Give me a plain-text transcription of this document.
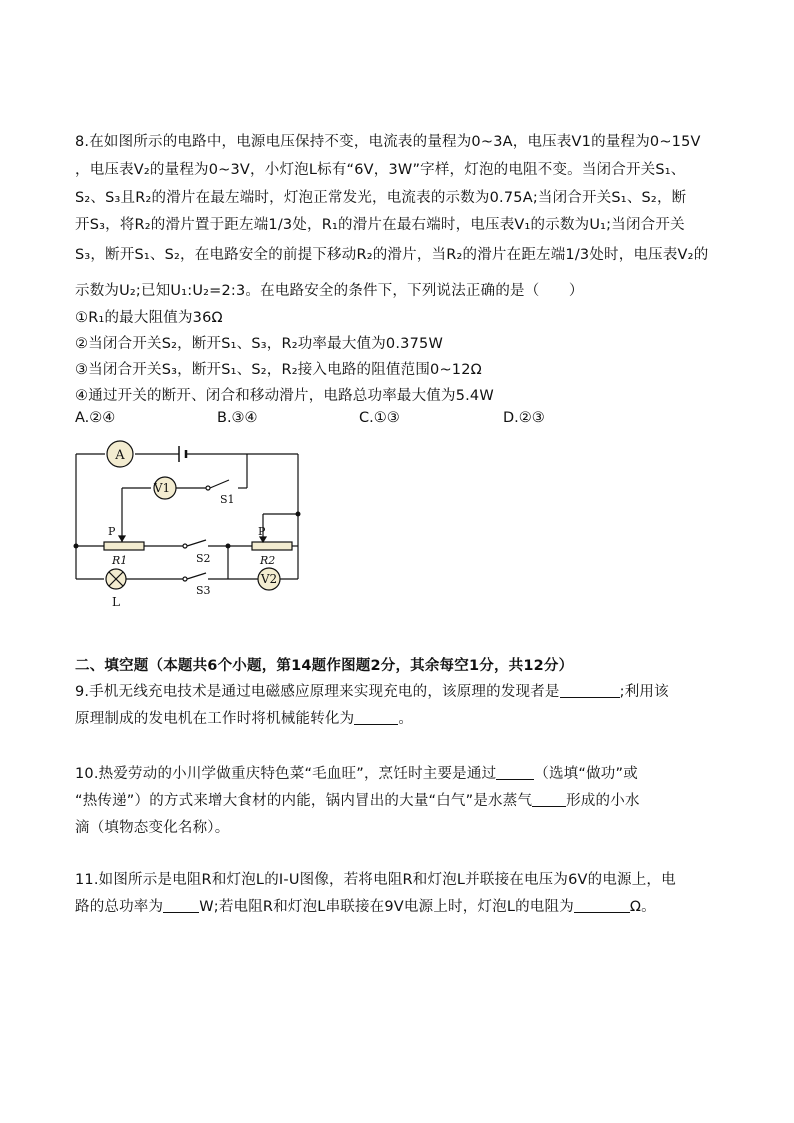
8.在如图所示的电路中，电源电压保持不变，电流表的量程为0~3A，电压表V1的量程为0~15V
，电压表V₂的量程为0~3V，小灯泡L标有“6V，3W”字样，灯泡的电阻不变。当闭合开关S₁、
S₂、S₃且R₂的滑片在最左端时，灯泡正常发光，电流表的示数为0.75A;当闭合开关S₁、S₂，断
开S₃，将R₂的滑片置于距左端1/3处，R₁的滑片在最右端时，电压表V₁的示数为U₁;当闭合开关
S₃，断开S₁、S₂，在电路安全的前提下移动R₂的滑片，当R₂的滑片在距左端1/3处时，电压表V₂的
示数为U₂;已知U₁:U₂=2:3。在电路安全的条件下，下列说法正确的是（　　）
①R₁的最大阻值为36Ω
②当闭合开关S₂，断开S₁、S₃，R₂功率最大值为0.375W
③当闭合开关S₃，断开S₁、S₂，R₂接入电路的阻值范围0~12Ω
④通过开关的断开、闭合和移动滑片，电路总功率最大值为5.4W
A.②④	B.③④	C.①③	D.②③
A
V1
S1
P	P
R1	R2
S2
V2
S3
L
二、填空题（本题共6个小题，第14题作图题2分，其余每空1分，共12分）
9.手机无线充电技术是通过电磁感应原理来实现充电的，该原理的发现者是	;利用该
原理制成的发电机在工作时将机械能转化为	。
10.热爱劳动的小川学做重庆特色菜“毛血旺”，烹饪时主要是通过	（选填“做功”或
“热传递”）的方式来增大食材的内能，锅内冒出的大量“白气”是水蒸气 形成的小水
滴（填物态变化名称）。
11.如图所示是电阻R和灯泡L的I-U图像，若将电阻R和灯泡L并联接在电压为6V的电源上，电
路的总功率为 W;若电阻R和灯泡L串联接在9V电源上时，灯泡L的电阻为	Ω。
